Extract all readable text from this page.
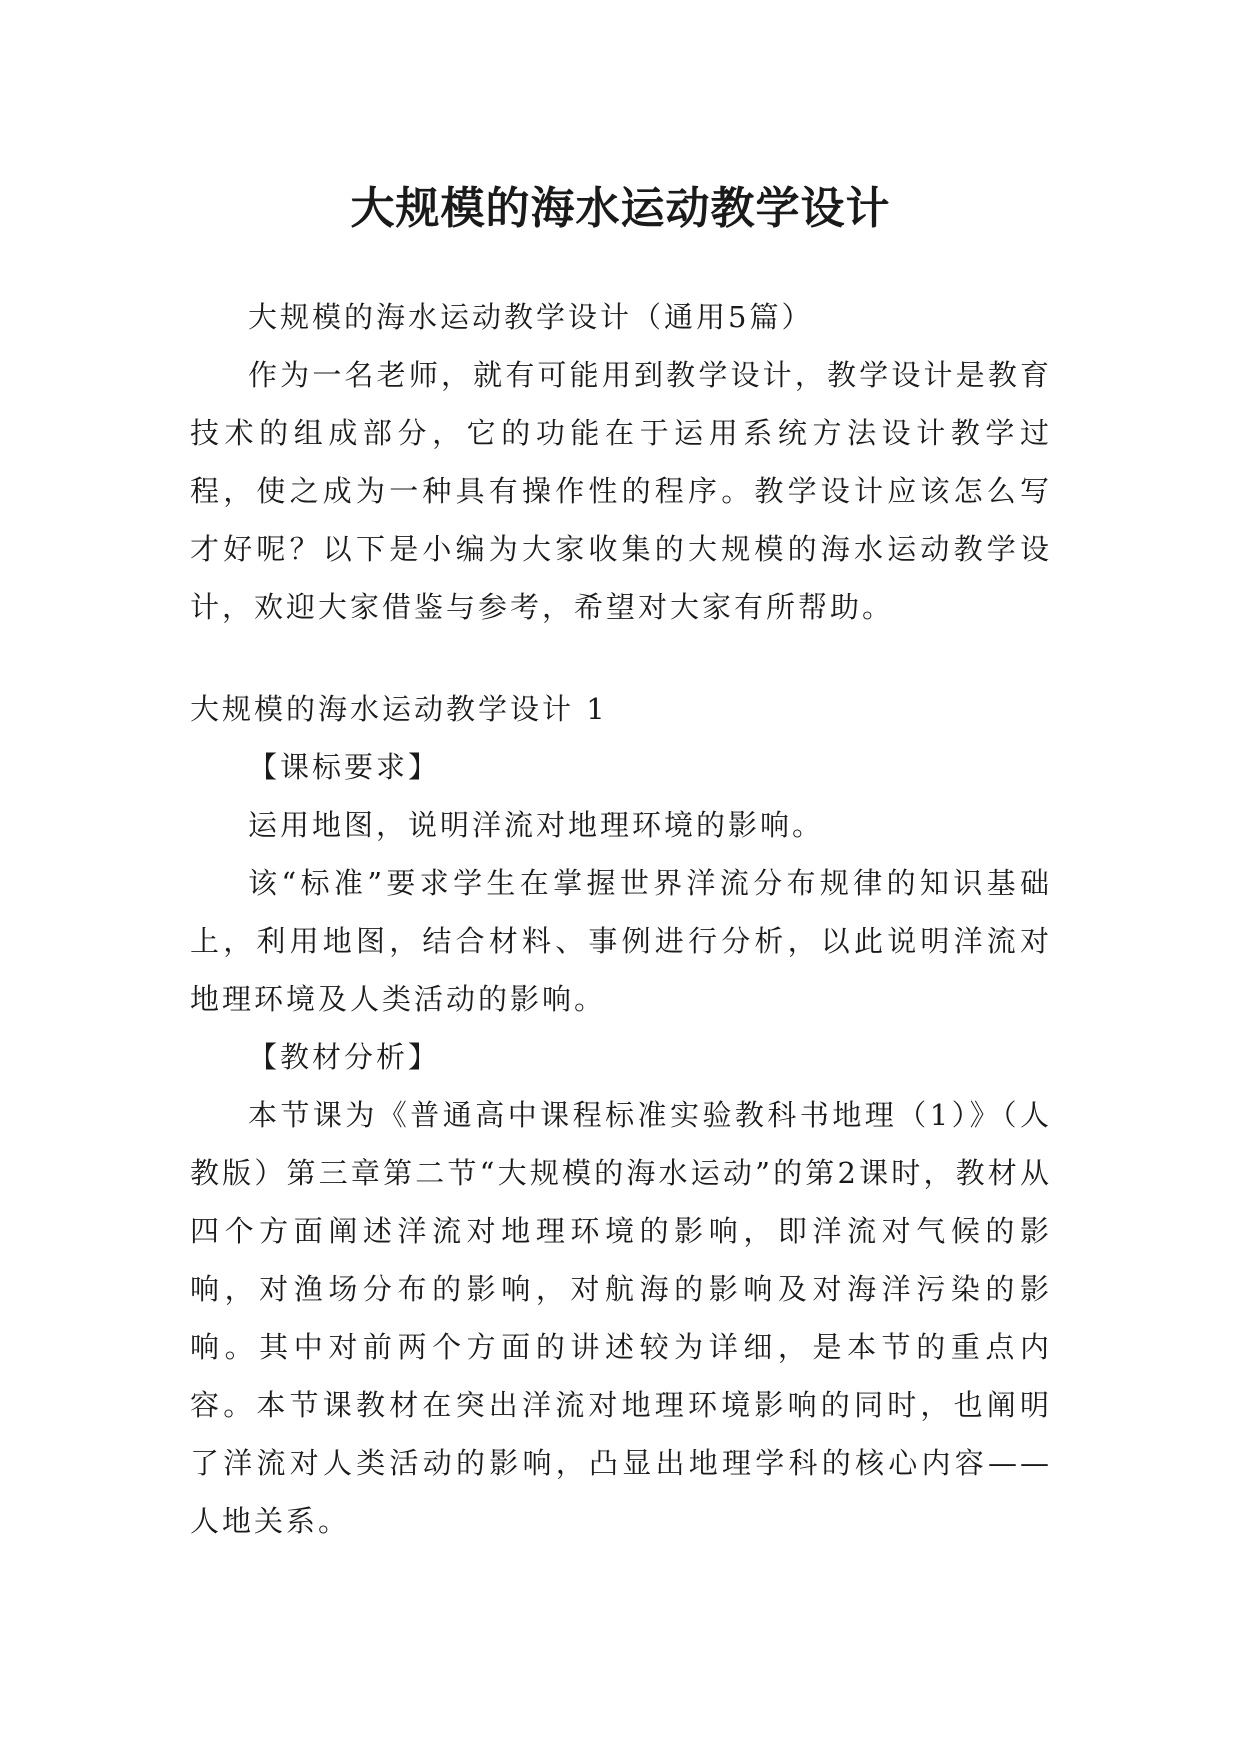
大规模的海水运动教学设计

大规模的海水运动教学设计（通用5篇）

作为一名老师，就有可能用到教学设计，教学设计是教育技术的组成部分，它的功能在于运用系统方法设计教学过程，使之成为一种具有操作性的程序。教学设计应该怎么写才好呢？以下是小编为大家收集的大规模的海水运动教学设计，欢迎大家借鉴与参考，希望对大家有所帮助。

大规模的海水运动教学设计 1

【课标要求】

运用地图，说明洋流对地理环境的影响。

该“标准”要求学生在掌握世界洋流分布规律的知识基础上，利用地图，结合材料、事例进行分析，以此说明洋流对地理环境及人类活动的影响。

【教材分析】

本节课为《普通高中课程标准实验教科书地理（1）》（人教版）第三章第二节“大规模的海水运动”的第2课时，教材从四个方面阐述洋流对地理环境的影响，即洋流对气候的影响，对渔场分布的影响，对航海的影响及对海洋污染的影响。其中对前两个方面的讲述较为详细，是本节的重点内容。本节课教材在突出洋流对地理环境影响的同时，也阐明了洋流对人类活动的影响，凸显出地理学科的核心内容——人地关系。
